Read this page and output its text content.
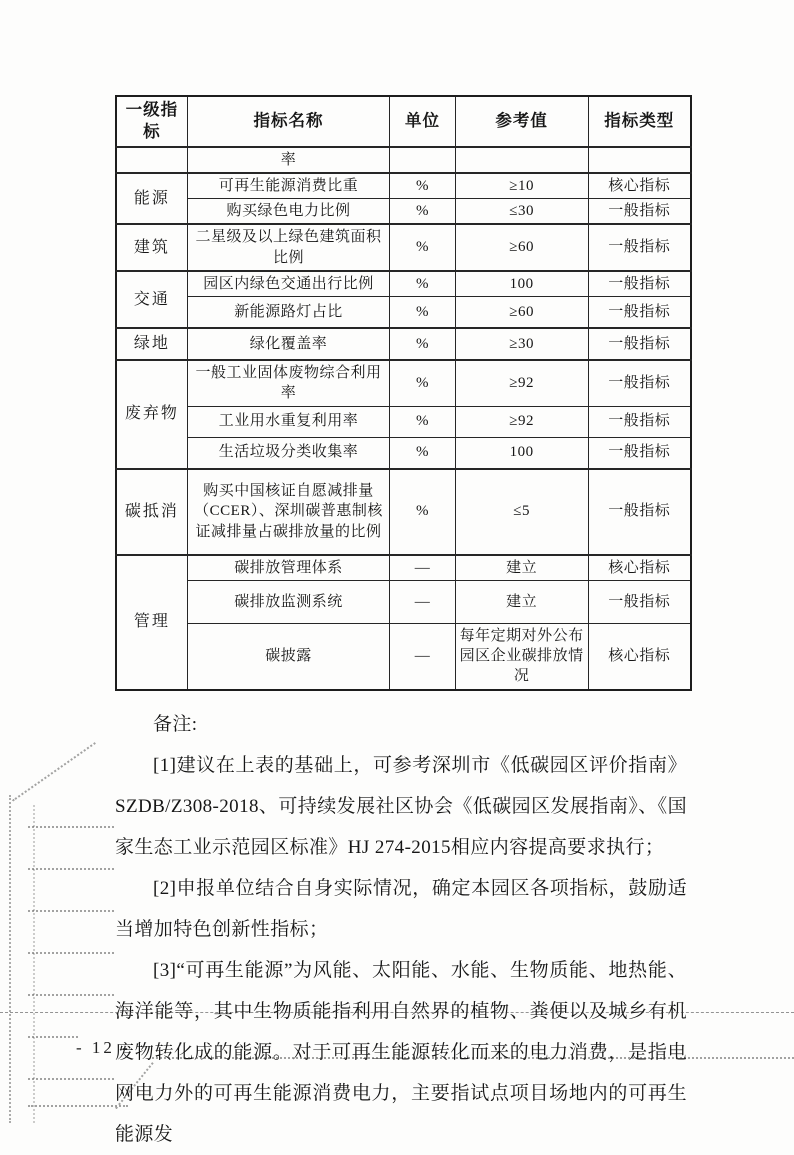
一级指标	指标名称	单位	参考值	指标类型
	率			
能源	可再生能源消费比重	%	≥10	核心指标
	购买绿色电力比例	%	≤30	一般指标
建筑	二星级及以上绿色建筑面积比例	%	≥60	一般指标
交通	园区内绿色交通出行比例	%	100	一般指标
	新能源路灯占比	%	≥60	一般指标
绿地	绿化覆盖率	%	≥30	一般指标
废弃物	一般工业固体废物综合利用率	%	≥92	一般指标
	工业用水重复利用率	%	≥92	一般指标
	生活垃圾分类收集率	%	100	一般指标
碳抵消	购买中国核证自愿减排量（CCER）、深圳碳普惠制核证减排量占碳排放量的比例	%	≤5	一般指标
管理	碳排放管理体系	—	建立	核心指标
	碳排放监测系统	—	建立	一般指标
	碳披露	—	每年定期对外公布园区企业碳排放情况	核心指标

备注:

[1]建议在上表的基础上，可参考深圳市《低碳园区评价指南》SZDB/Z308-2018、可持续发展社区协会《低碳园区发展指南》、《国家生态工业示范园区标准》HJ 274-2015相应内容提高要求执行；

[2]申报单位结合自身实际情况，确定本园区各项指标，鼓励适当增加特色创新性指标；

[3]“可再生能源”为风能、太阳能、水能、生物质能、地热能、海洋能等，其中生物质能指利用自然界的植物、粪便以及城乡有机废物转化成的能源。对于可再生能源转化而来的电力消费，是指电网电力外的可再生能源消费电力，主要指试点项目场地内的可再生能源发

- 12 -
